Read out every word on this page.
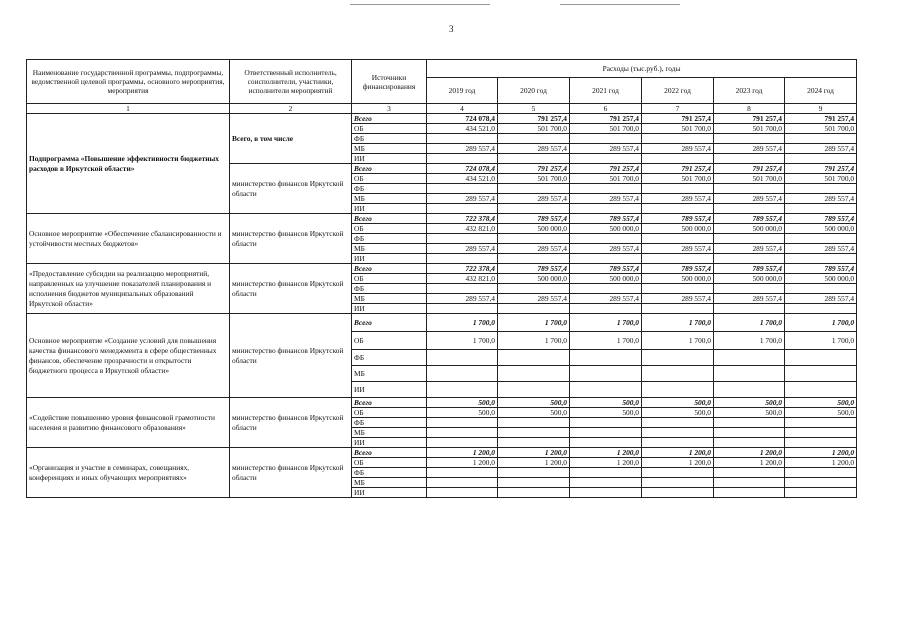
3
Наименование государственной программы, подпрограммы, ведомственной целевой программы, основного мероприятия, мероприятия	Ответственный исполнитель, соисполнители, участники, исполнители мероприятий	Источники финансирования	Расходы (тыс.руб.), годы					
			2019 год	2020 год	2021 год	2022 год	2023 год	2024 год
1	2	3	4	5	6	7	8	9
Подпрограмма «Повышение эффективности бюджетных расходов в Иркутской области»	Всего, в том числе	Всего	724 078,4	791 257,4	791 257,4	791 257,4	791 257,4	791 257,4
		ОБ	434 521,0	501 700,0	501 700,0	501 700,0	501 700,0	501 700,0
		ФБ						
		МБ	289 557,4	289 557,4	289 557,4	289 557,4	289 557,4	289 557,4
		ИИ						
	министерство финансов Иркутской области	Всего	724 078,4	791 257,4	791 257,4	791 257,4	791 257,4	791 257,4
		ОБ	434 521,0	501 700,0	501 700,0	501 700,0	501 700,0	501 700,0
		ФБ						
		МБ	289 557,4	289 557,4	289 557,4	289 557,4	289 557,4	289 557,4
		ИИ						
Основное мероприятие «Обеспечение сбалансированности и устойчивости местных бюджетов»	министерство финансов Иркутской области	Всего	722 378,4	789 557,4	789 557,4	789 557,4	789 557,4	789 557,4
		ОБ	432 821,0	500 000,0	500 000,0	500 000,0	500 000,0	500 000,0
		ФБ						
		МБ	289 557,4	289 557,4	289 557,4	289 557,4	289 557,4	289 557,4
		ИИ						
«Предоставление субсидии на реализацию мероприятий, направленных на улучшение показателей планирования и исполнения бюджетов муниципальных образований Иркутской области»	министерство финансов Иркутской области	Всего	722 378,4	789 557,4	789 557,4	789 557,4	789 557,4	789 557,4
		ОБ	432 821,0	500 000,0	500 000,0	500 000,0	500 000,0	500 000,0
		ФБ						
		МБ	289 557,4	289 557,4	289 557,4	289 557,4	289 557,4	289 557,4
		ИИ						
Основное мероприятие «Создание условий для повышения качества финансового менеджмента в сфере общественных финансов, обеспечение прозрачности и открытости бюджетного процесса в Иркутской области»	министерство финансов Иркутской области	Всего	1 700,0	1 700,0	1 700,0	1 700,0	1 700,0	1 700,0
		ОБ	1 700,0	1 700,0	1 700,0	1 700,0	1 700,0	1 700,0
		ФБ						
		МБ						
		ИИ						
«Содействие повышению уровня финансовой грамотности населения и развитию финансового образования»	министерство финансов Иркутской области	Всего	500,0	500,0	500,0	500,0	500,0	500,0
		ОБ	500,0	500,0	500,0	500,0	500,0	500,0
		ФБ						
		МБ						
		ИИ						
«Организация и участие в семинарах, совещаниях, конференциях и иных обучающих мероприятиях»	министерство финансов Иркутской области	Всего	1 200,0	1 200,0	1 200,0	1 200,0	1 200,0	1 200,0
		ОБ	1 200,0	1 200,0	1 200,0	1 200,0	1 200,0	1 200,0
		ФБ						
		МБ						
		ИИ						
